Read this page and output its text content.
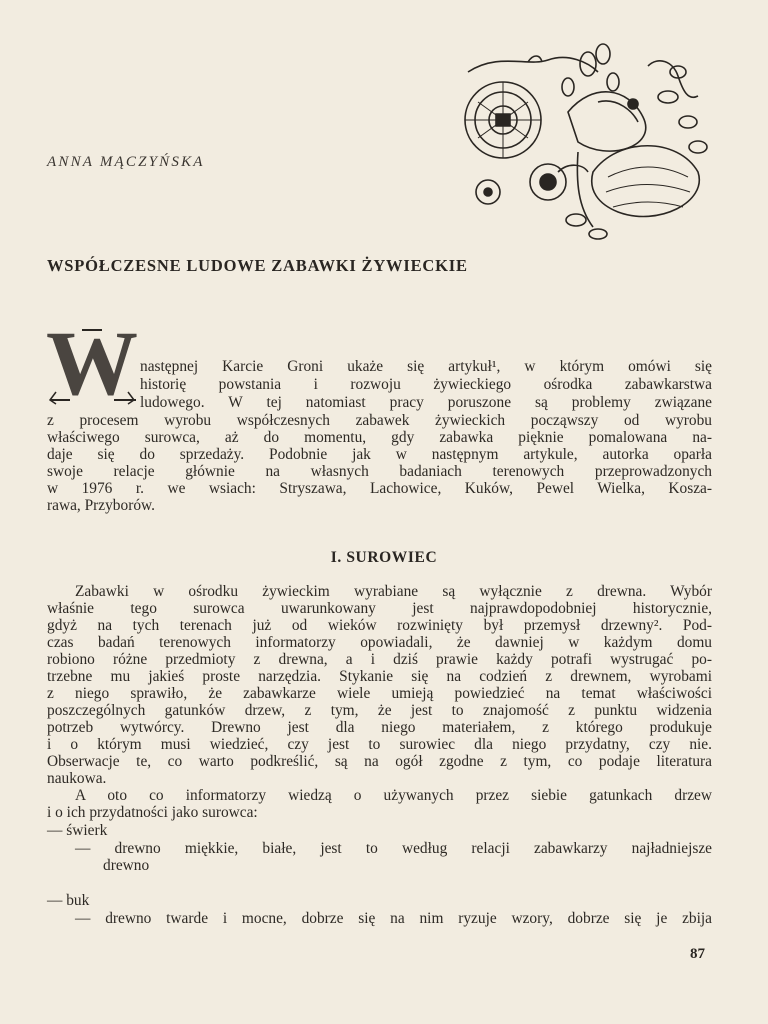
ANNA MĄCZYŃSKA
WSPÓŁCZESNE LUDOWE ZABAWKI ŻYWIECKIE
W następnej Karcie Groni ukaże się artykuł¹, w którym omówi się
historię powstania i rozwoju żywieckiego ośrodka zabawkarstwa
ludowego. W tej natomiast pracy poruszone są problemy związane
z procesem wyrobu współczesnych zabawek żywieckich począwszy od wyrobu
właściwego surowca, aż do momentu, gdy zabawka pięknie pomalowana na-
daje się do sprzedaży. Podobnie jak w następnym artykule, autorka oparła
swoje relacje głównie na własnych badaniach terenowych przeprowadzonych
w 1976 r. we wsiach: Stryszawa, Lachowice, Kuków, Pewel Wielka, Kosza-
rawa, Przyborów.
I. SUROWIEC
Zabawki w ośrodku żywieckim wyrabiane są wyłącznie z drewna. Wybór
właśnie tego surowca uwarunkowany jest najprawdopodobniej historycznie,
gdyż na tych terenach już od wieków rozwinięty był przemysł drzewny². Pod-
czas badań terenowych informatorzy opowiadali, że dawniej w każdym domu
robiono różne przedmioty z drewna, a i dziś prawie każdy potrafi wystrugać po-
trzebne mu jakieś proste narzędzia. Stykanie się na codzień z drewnem, wyrobami
z niego sprawiło, że zabawkarze wiele umieją powiedzieć na temat właściwości
poszczególnych gatunków drzew, z tym, że jest to znajomość z punktu widzenia
potrzeb wytwórcy. Drewno jest dla niego materiałem, z którego produkuje
i o którym musi wiedzieć, czy jest to surowiec dla niego przydatny, czy nie.
Obserwacje te, co warto podkreślić, są na ogół zgodne z tym, co podaje literatura
naukowa.
A oto co informatorzy wiedzą o używanych przez siebie gatunkach drzew
i o ich przydatności jako surowca:
— świerk
— drewno miękkie, białe, jest to według relacji zabawkarzy najładniejsze
drewno
— buk
— drewno twarde i mocne, dobrze się na nim ryzuje wzory, dobrze się je zbija
87
